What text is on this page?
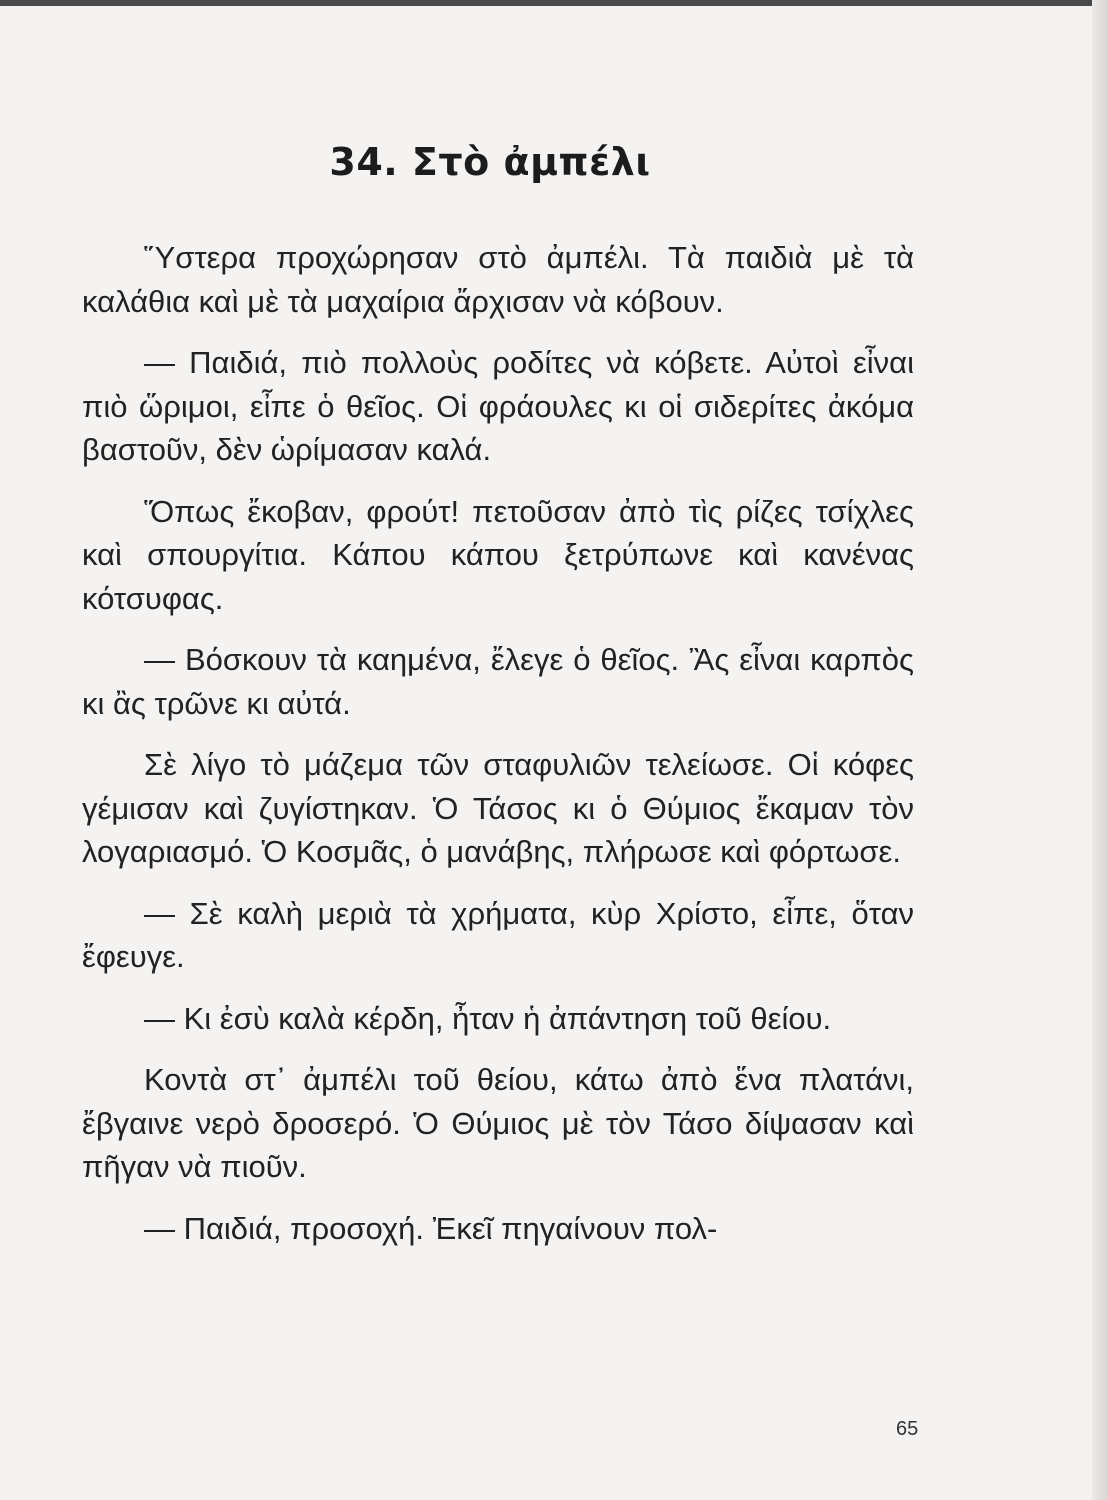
34. Στὸ ἀμπέλι

Ὕστερα προχώρησαν στὸ ἀμπέλι. Τὰ παιδιὰ μὲ τὰ καλάθια καὶ μὲ τὰ μαχαίρια ἄρχισαν νὰ κόβουν.

— Παιδιά, πιὸ πολλοὺς ροδίτες νὰ κόβετε. Αὐτοὶ εἶναι πιὸ ὥριμοι, εἶπε ὁ θεῖος. Οἱ φράουλες κι οἱ σιδερίτες ἀκόμα βαστοῦν, δὲν ὡρίμασαν καλά.

Ὅπως ἔκοβαν, φρούτ! πετοῦσαν ἀπὸ τὶς ρίζες τσίχλες καὶ σπουργίτια. Κάπου κάπου ξετρύπωνε καὶ κανένας κότσυφας.

— Βόσκουν τὰ καημένα, ἔλεγε ὁ θεῖος. Ἂς εἶναι καρπὸς κι ἂς τρῶνε κι αὐτά.

Σὲ λίγο τὸ μάζεμα τῶν σταφυλιῶν τελείωσε. Οἱ κόφες γέμισαν καὶ ζυγίστηκαν. Ὁ Τάσος κι ὁ Θύμιος ἔκαμαν τὸν λογαριασμό. Ὁ Κοσμᾶς, ὁ μανάβης, πλήρωσε καὶ φόρτωσε.

— Σὲ καλὴ μεριὰ τὰ χρήματα, κὺρ Χρίστο, εἶπε, ὅταν ἔφευγε.

— Κι ἐσὺ καλὰ κέρδη, ἦταν ἡ ἀπάντηση τοῦ θείου.

Κοντὰ στ᾿ ἀμπέλι τοῦ θείου, κάτω ἀπὸ ἕνα πλατάνι, ἔβγαινε νερὸ δροσερό. Ὁ Θύμιος μὲ τὸν Τάσο δίψασαν καὶ πῆγαν νὰ πιοῦν.

— Παιδιά, προσοχή. Ἐκεῖ πηγαίνουν πολ-

65
